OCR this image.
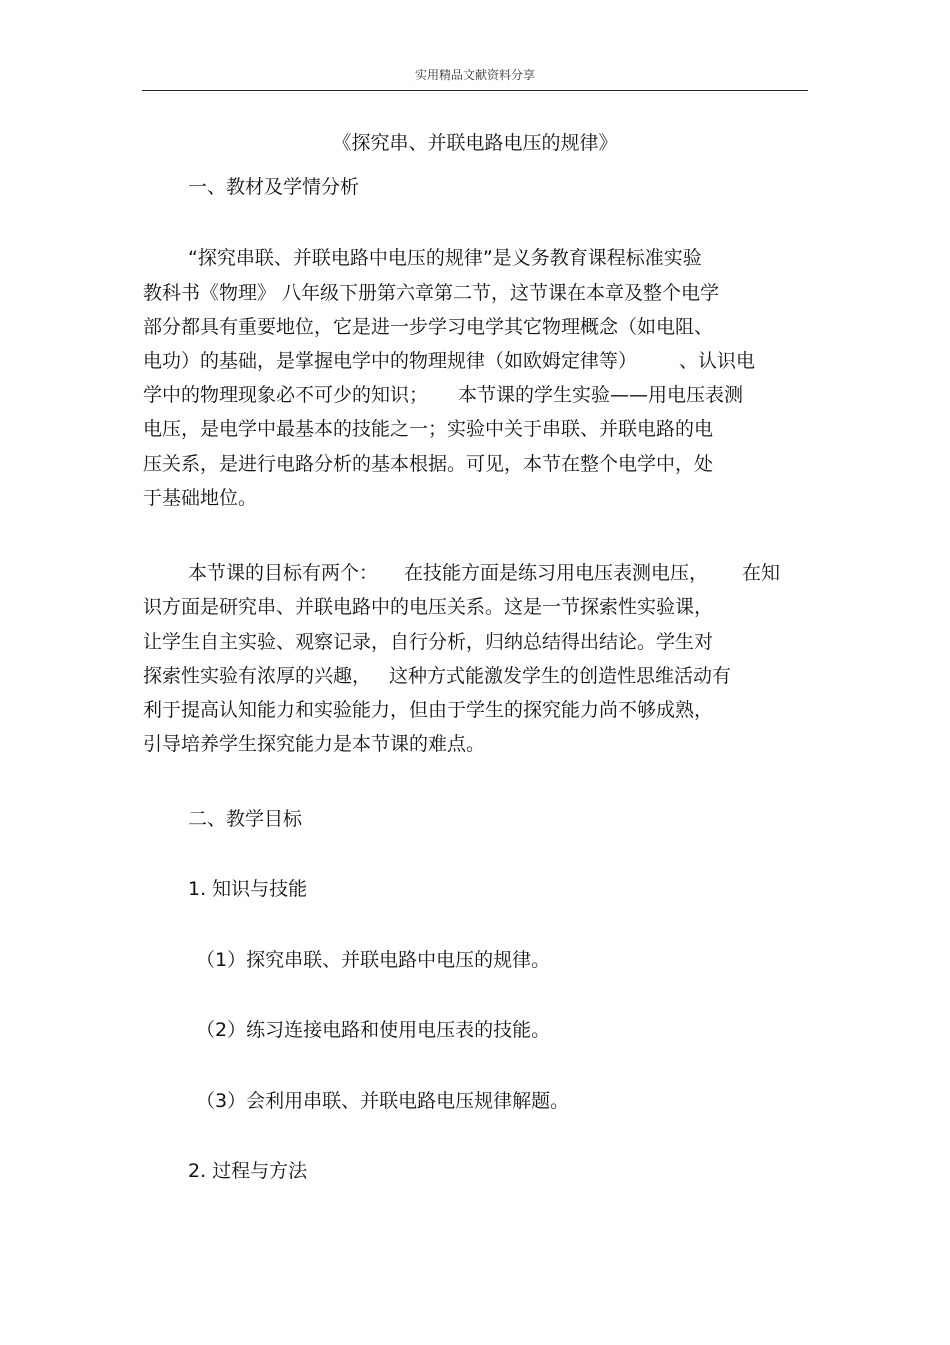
实用精品文献资料分享
《探究串、并联电路电压的规律》
一、教材及学情分析
“探究串联、并联电路中电压的规律”是义务教育课程标准实验
教科书《物理》 八年级下册第六章第二节，这节课在本章及整个电学
部分都具有重要地位，它是进一步学习电学其它物理概念（如电阻、
电功）的基础，是掌握电学中的物理规律（如欧姆定律等） 、认识电
学中的物理现象必不可少的知识； 本节课的学生实验——用电压表测
电压，是电学中最基本的技能之一；实验中关于串联、并联电路的电
压关系，是进行电路分析的基本根据。可见，本节在整个电学中，处
于基础地位。
本节课的目标有两个： 在技能方面是练习用电压表测电压， 在知
识方面是研究串、并联电路中的电压关系。这是一节探索性实验课，
让学生自主实验、观察记录，自行分析，归纳总结得出结论。学生对
探索性实验有浓厚的兴趣， 这种方式能激发学生的创造性思维活动有
利于提高认知能力和实验能力，但由于学生的探究能力尚不够成熟，
引导培养学生探究能力是本节课的难点。
二、教学目标
1. 知识与技能
（1）探究串联、并联电路中电压的规律。
（2）练习连接电路和使用电压表的技能。
（3）会利用串联、并联电路电压规律解题。
2. 过程与方法
